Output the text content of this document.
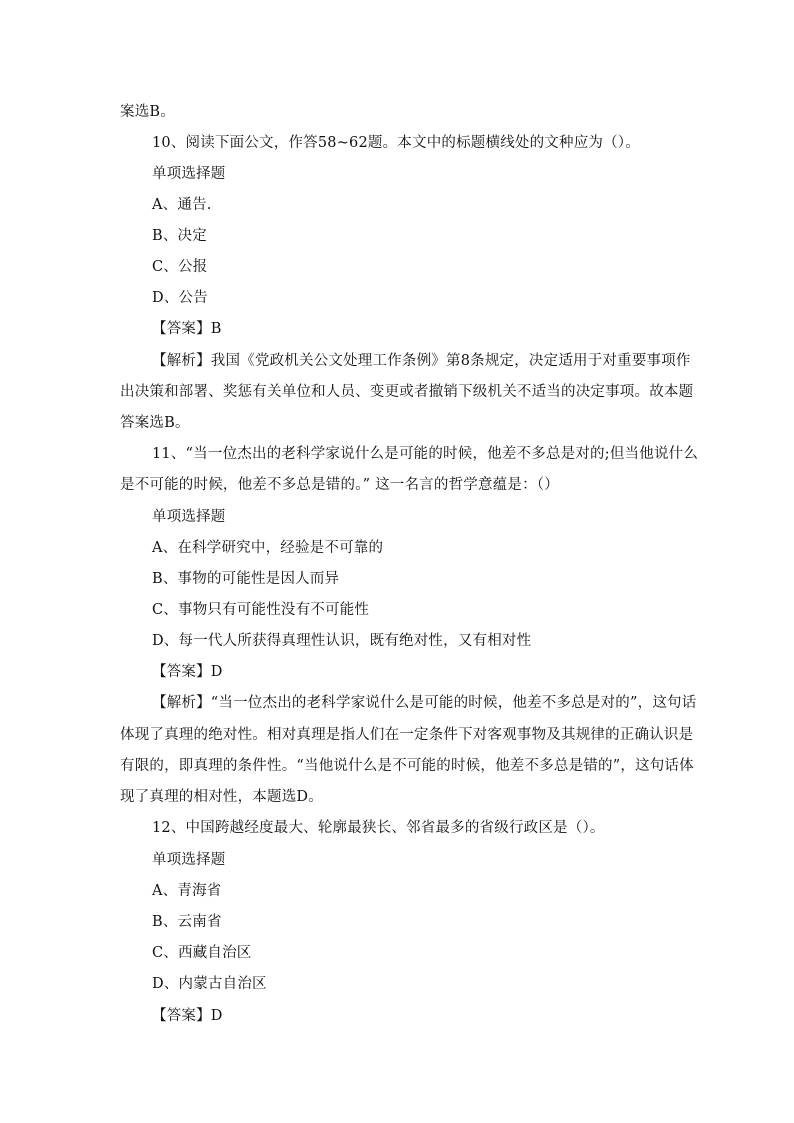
案选B。
10、阅读下面公文，作答58~62题。本文中的标题横线处的文种应为（）。
单项选择题
A、通告.
B、决定
C、公报
D、公告
【答案】B
【解析】我国《党政机关公文处理工作条例》第8条规定，决定适用于对重要事项作
出决策和部署、奖惩有关单位和人员、变更或者撤销下级机关不适当的决定事项。故本题
答案选B。
11、“当一位杰出的老科学家说什么是可能的时候，他差不多总是对的;但当他说什么
是不可能的时候，他差不多总是错的。” 这一名言的哲学意蕴是：（）
单项选择题
A、在科学研究中，经验是不可靠的
B、事物的可能性是因人而异
C、事物只有可能性没有不可能性
D、每一代人所获得真理性认识，既有绝对性，又有相对性
【答案】D
【解析】“当一位杰出的老科学家说什么是可能的时候，他差不多总是对的”，这句话
体现了真理的绝对性。相对真理是指人们在一定条件下对客观事物及其规律的正确认识是
有限的，即真理的条件性。“当他说什么是不可能的时候，他差不多总是错的”，这句话体
现了真理的相对性，本题选D。
12、中国跨越经度最大、轮廓最狭长、邻省最多的省级行政区是（）。
单项选择题
A、青海省
B、云南省
C、西藏自治区
D、内蒙古自治区
【答案】D
